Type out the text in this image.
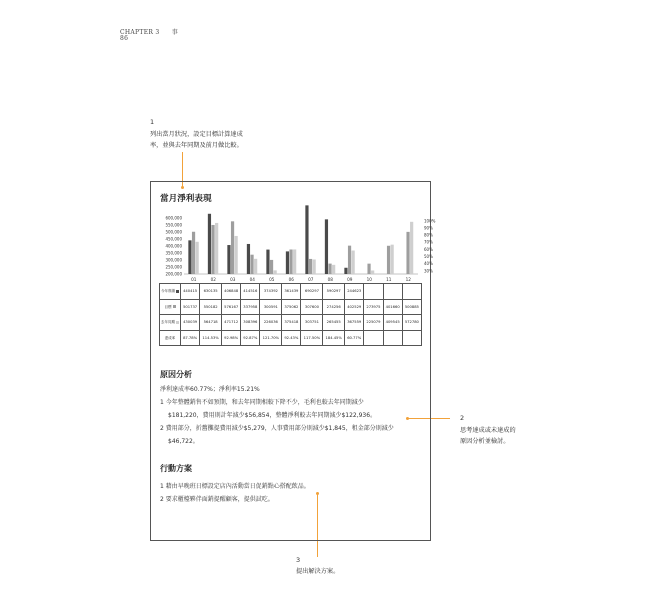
CHAPTER 3 事
86
1
列出當月狀況，設定目標計算達成
率，並與去年同期及前月做比較。
2
思考達成或未達成的
原因分析並檢討。
3
提出解決方案。
當月淨利表現
600,000
550,000
500,000
450,000
400,000
350,000
300,000
250,000
200,000
100%
90%
80%
70%
60%
50%
40%
30%
01	02	03	04	05	06	07	08	09	10	11	12
今年實績	440415	630135	406848	414516	374392	361439	690297	590297	244623			
目標	501737	550182	576167	337958	300591	375062	307600	274256	402529	273975	401660	500885
去年同期	430039	564718	471712	308396	226036	375418	303751	265455	367559	225079	409545	572780
達成率	87.78%	114.53%	92.98%	92.87%	121.70%	92.43%	117.50%	184.45%	60.77%			
原因分析
淨利達成率60.77%；淨利率15.21%
1 今年整體銷售不如預期，和去年同期相較下降不少，毛利也較去年同期減少
$181,220，費用則計年減少$56,854，整體淨利較去年同期減少$122,936。
2 費用部分，折舊攤提費用減少$5,279，人事費用部分則減少$1,845，租金部分則減少
$46,722。
行動方案
1 藉由早晚班日標設定店內活動當日促銷點心搭配飲品。
2 要求櫃檯夥伴面銷提醒顧客，提供試吃。
